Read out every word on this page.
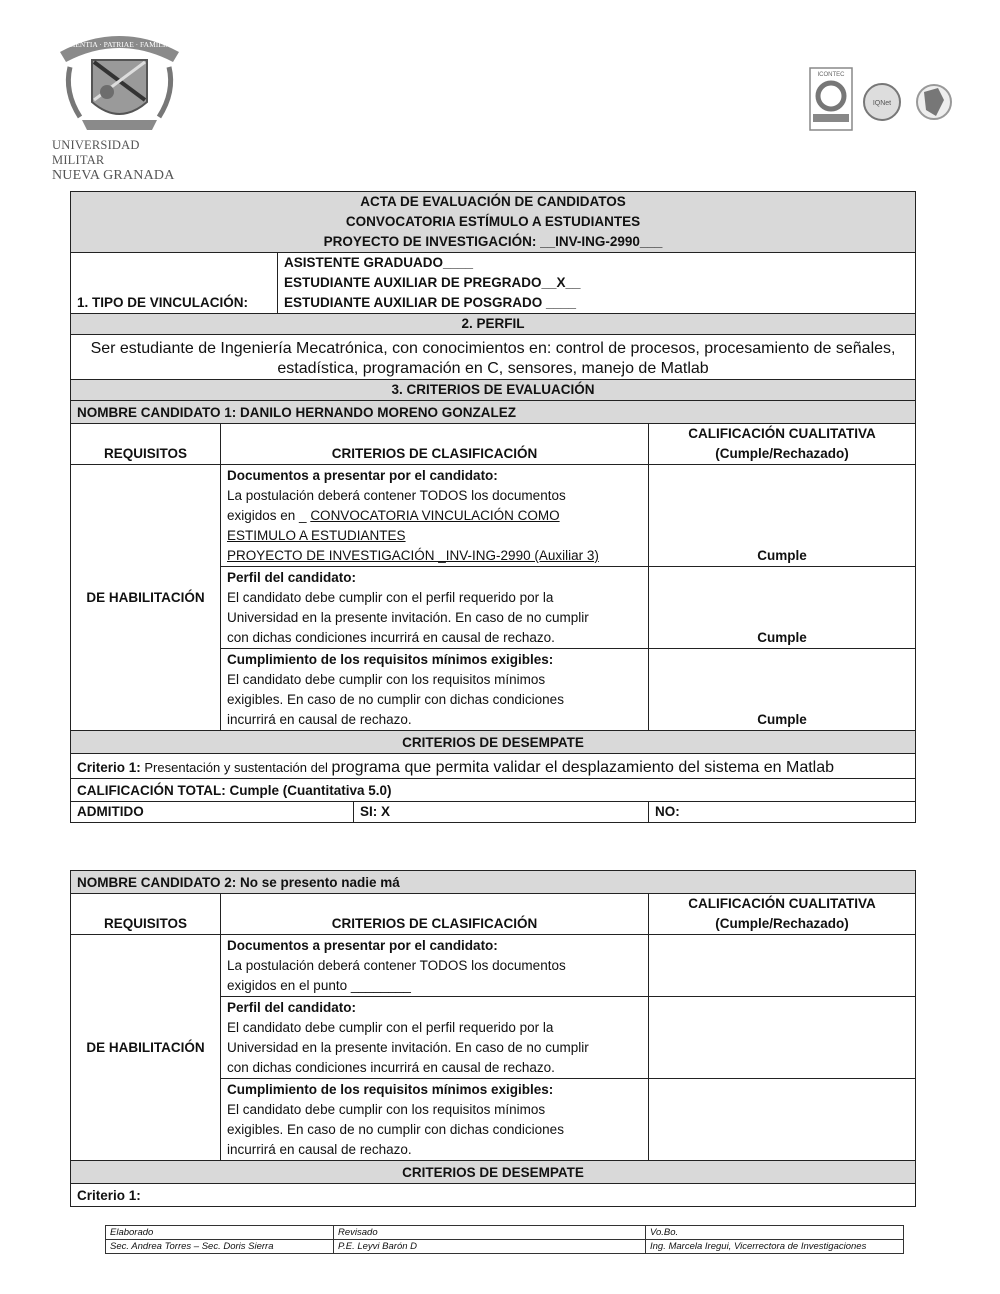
SCIENTIA · PATRIAE · FAMILIAE
UNIVERSIDAD MILITAR
NUEVA GRANADA
ICONTEC
IQNet
ACTA DE EVALUACIÓN DE CANDIDATOS
CONVOCATORIA ESTÍMULO A ESTUDIANTES
PROYECTO DE INVESTIGACIÓN: __INV-ING-2990___				

1. TIPO DE VINCULACIÓN:		ASISTENTE GRADUADO____
ESTUDIANTE AUXILIAR DE PREGRADO__X__
ESTUDIANTE AUXILIAR DE POSGRADO ____		

2. PERFIL				
Ser estudiante de Ingeniería Mecatrónica, con conocimientos en: control de procesos, procesamiento de señales, estadística, programación en C, sensores, manejo de Matlab				
3. CRITERIOS DE EVALUACIÓN				
NOMBRE CANDIDATO 1: DANILO HERNANDO MORENO GONZALEZ				
REQUISITOS	CRITERIOS DE CLASIFICACIÓN			CALIFICACIÓN CUALITATIVA
(Cumple/Rechazado)

DE HABILITACIÓN	Documentos a presentar por el candidato:
La postulación deberá contener TODOS los documentos
exigidos en _ CONVOCATORIA VINCULACIÓN COMO
ESTIMULO A ESTUDIANTES
PROYECTO DE INVESTIGACIÓN _INV-ING-2990 (Auxiliar 3)			Cumple

	Perfil del candidato:
El candidato debe cumplir con el perfil requerido por la
Universidad en la presente invitación. En caso de no cumplir
con dichas condiciones incurrirá en causal de rechazo.			Cumple

	Cumplimiento de los requisitos mínimos exigibles:
El candidato debe cumplir con los requisitos mínimos
exigibles. En caso de no cumplir con dichas condiciones
incurrirá en causal de rechazo.			Cumple
CRITERIOS DE DESEMPATE				
Criterio 1: Presentación y sustentación del programa que permita validar el desplazamiento del sistema en Matlab				
CALIFICACIÓN TOTAL: Cumple (Cuantitativa 5.0)				
ADMITIDO			SI: X	NO:
NOMBRE CANDIDATO 2: No se presento nadie má		
REQUISITOS	CRITERIOS DE CLASIFICACIÓN	CALIFICACIÓN CUALITATIVA
(Cumple/Rechazado)

DE HABILITACIÓN	Documentos a presentar por el candidato:
La postulación deberá contener TODOS los documentos
exigidos en el punto ________	

	Perfil del candidato:
El candidato debe cumplir con el perfil requerido por la
Universidad en la presente invitación. En caso de no cumplir
con dichas condiciones incurrirá en causal de rechazo.	

	Cumplimiento de los requisitos mínimos exigibles:
El candidato debe cumplir con los requisitos mínimos
exigibles. En caso de no cumplir con dichas condiciones
incurrirá en causal de rechazo.	

CRITERIOS DE DESEMPATE		
Criterio 1:		
Elaborado	Revisado	Vo.Bo.
Sec. Andrea Torres – Sec. Doris Sierra	P.E. Leyvi Barón D	Ing. Marcela Iregui, Vicerrectora de Investigaciones
